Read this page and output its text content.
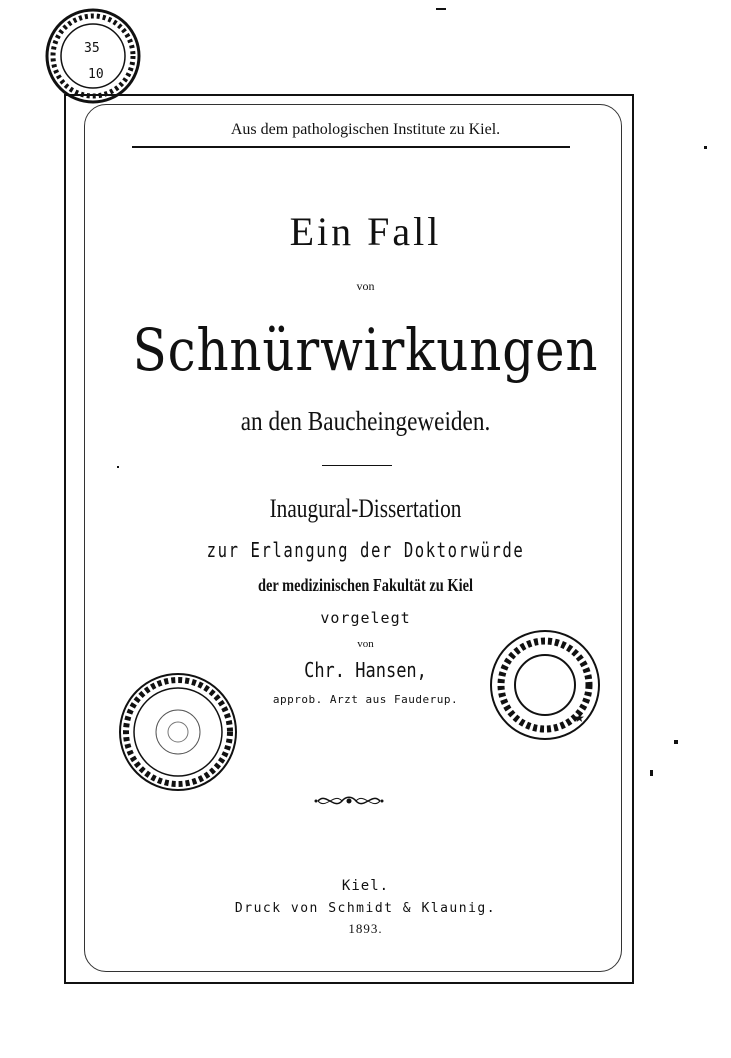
Aus dem pathologischen Institute zu Kiel.
Ein Fall
von
Schnürwirkungen
an den Baucheingeweiden.
Inaugural-Dissertation
zur Erlangung der Doktorwürde
der medizinischen Fakultät zu Kiel
vorgelegt
von
Chr. Hansen,
approb. Arzt aus Fauderup.
Kiel.
Druck von Schmidt & Klaunig.
1893.
35
10
★
